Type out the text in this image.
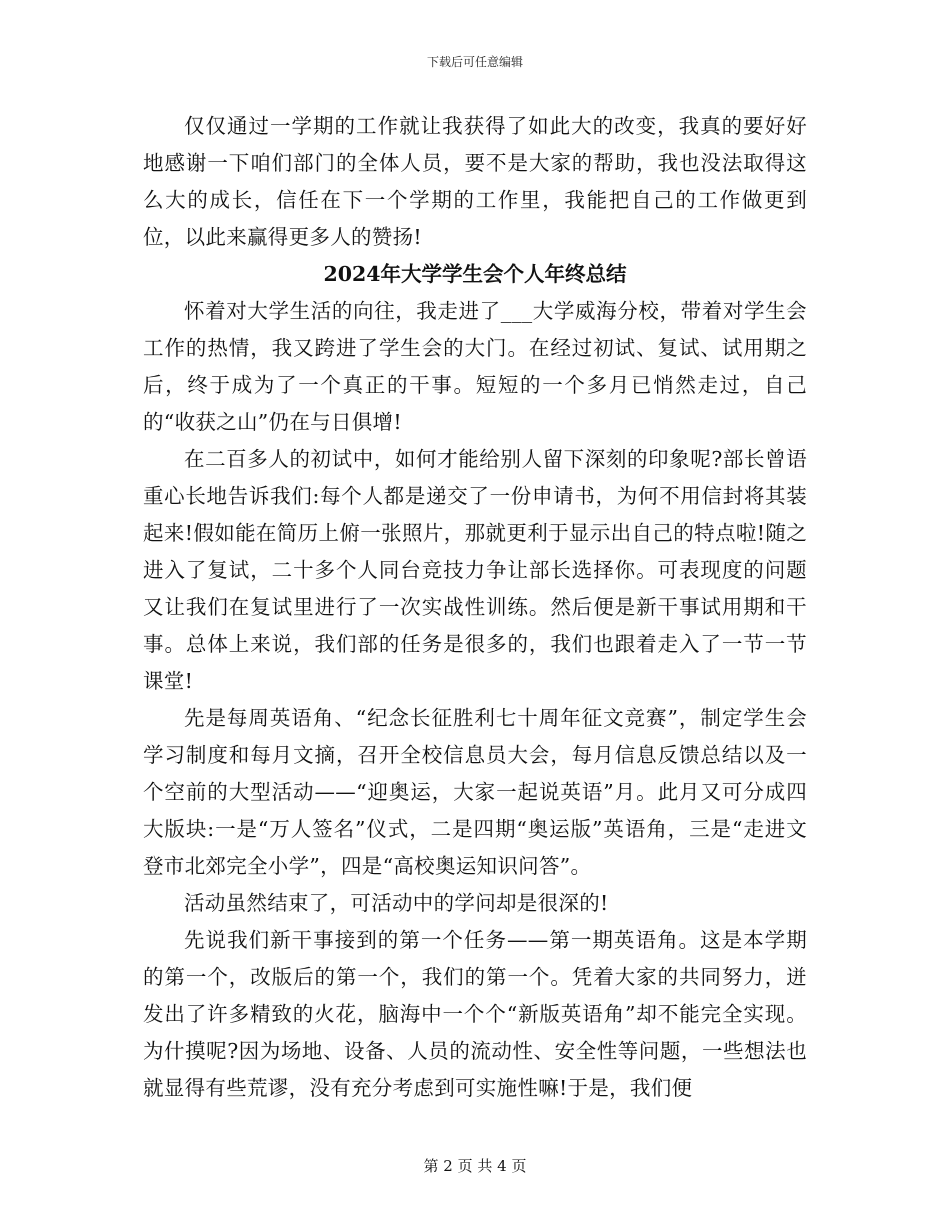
下载后可任意编辑

仅仅通过一学期的工作就让我获得了如此大的改变，我真的要好好地感谢一下咱们部门的全体人员，要不是大家的帮助，我也没法取得这么大的成长，信任在下一个学期的工作里，我能把自己的工作做更到位，以此来赢得更多人的赞扬!

2024年大学学生会个人年终总结

怀着对大学生活的向往，我走进了___大学威海分校，带着对学生会工作的热情，我又跨进了学生会的大门。在经过初试、复试、试用期之后，终于成为了一个真正的干事。短短的一个多月已悄然走过，自己的“收获之山”仍在与日俱增!

在二百多人的初试中，如何才能给别人留下深刻的印象呢?部长曾语重心长地告诉我们:每个人都是递交了一份申请书，为何不用信封将其装起来!假如能在简历上俯一张照片，那就更利于显示出自己的特点啦!随之进入了复试，二十多个人同台竞技力争让部长选择你。可表现度的问题又让我们在复试里进行了一次实战性训练。然后便是新干事试用期和干事。总体上来说，我们部的任务是很多的，我们也跟着走入了一节一节课堂!

先是每周英语角、“纪念长征胜利七十周年征文竞赛”，制定学生会学习制度和每月文摘，召开全校信息员大会，每月信息反馈总结以及一个空前的大型活动——“迎奥运，大家一起说英语”月。此月又可分成四大版块:一是“万人签名”仪式，二是四期“奥运版”英语角，三是“走进文登市北郊完全小学”，四是“高校奥运知识问答”。

活动虽然结束了，可活动中的学问却是很深的!

先说我们新干事接到的第一个任务——第一期英语角。这是本学期的第一个，改版后的第一个，我们的第一个。凭着大家的共同努力，迸发出了许多精致的火花，脑海中一个个“新版英语角”却不能完全实现。为什摸呢?因为场地、设备、人员的流动性、安全性等问题，一些想法也就显得有些荒谬，没有充分考虑到可实施性嘛!于是，我们便

第 2 页 共 4 页
